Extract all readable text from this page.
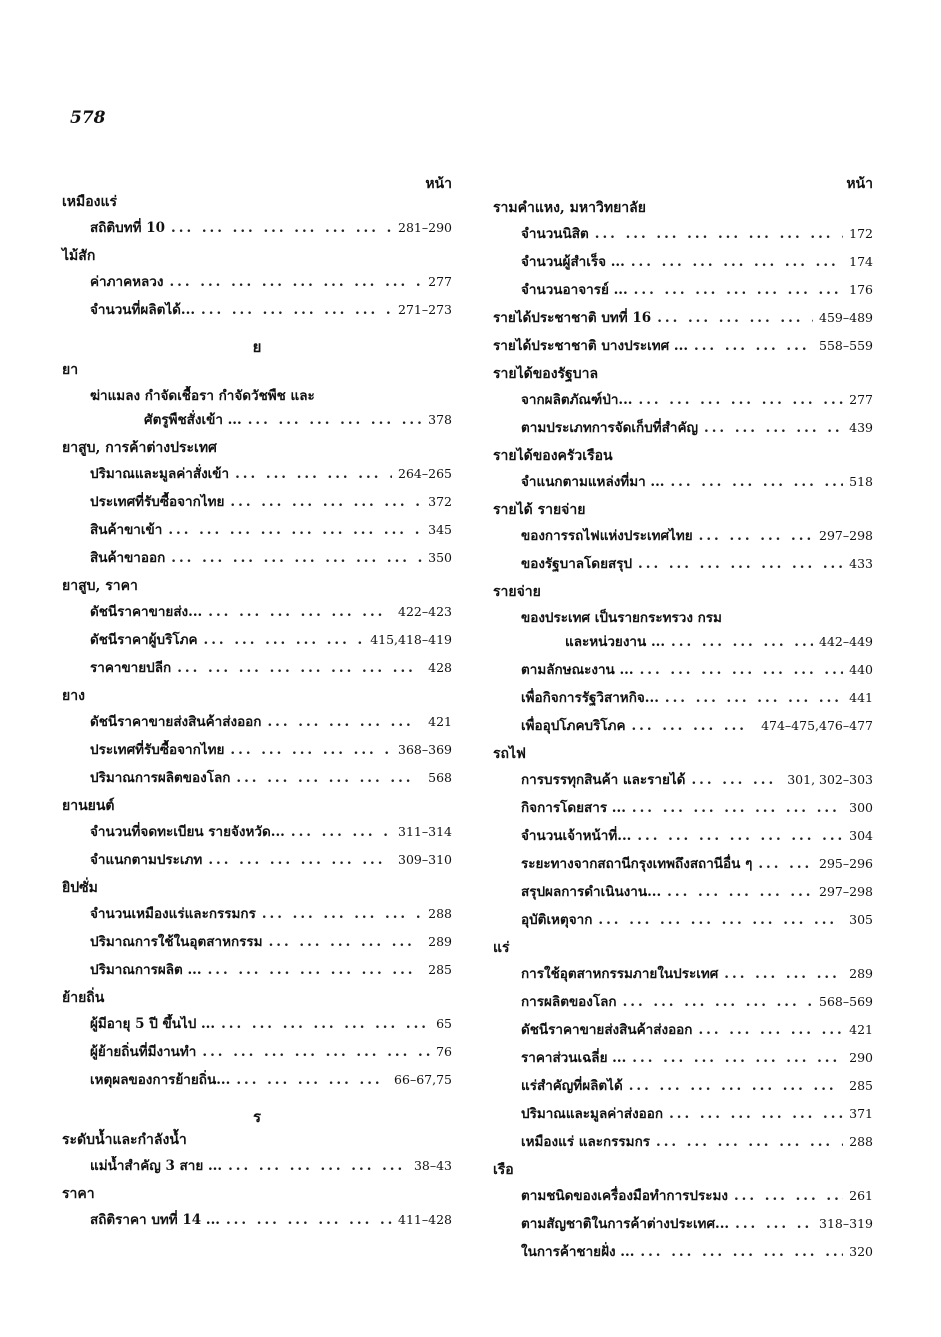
578
หน้า
เหมืองแร่
สถิติบทที่ 10 ... .	281–290
ไม้สัก
ค่าภาคหลวง ... .	277
จำนวนที่ผลิตได้... ... .	271–273
ย
ยา
ฆ่าแมลง กำจัดเชื้อรา กำจัดวัชพืช และ
ศัตรูพืชสั่งเข้า ... ... .	378
ยาสูบ, การค้าต่างประเทศ
ปริมาณและมูลค่าสั่งเข้า ... .	264–265
ประเทศที่รับซื้อจากไทย ... .	372
สินค้าขาเข้า ... .	345
สินค้าขาออก ... .	350
ยาสูบ, ราคา
ดัชนีราคาขายส่ง... ... .	422–423
ดัชนีราคาผู้บริโภค ... .	415,418–419
ราคาขายปลีก ... .	428
ยาง
ดัชนีราคาขายส่งสินค้าส่งออก ... .	421
ประเทศที่รับซื้อจากไทย ... .	368–369
ปริมาณการผลิตของโลก ... .	568
ยานยนต์
จำนวนที่จดทะเบียน รายจังหวัด... ... .	311–314
จำแนกตามประเภท ... .	309–310
ยิปซั่ม
จำนวนเหมืองแร่และกรรมกร ... .	288
ปริมาณการใช้ในอุตสาหกรรม ... .	289
ปริมาณการผลิต ... ... .	285
ย้ายถิ่น
ผู้มีอายุ 5 ปี ขึ้นไป ... ... .	65
ผู้ย้ายถิ่นที่มีงานทำ ... .	76
เหตุผลของการย้ายถิ่น... ... .	66–67,75
ร
ระดับน้ำและกำลังน้ำ
แม่น้ำสำคัญ 3 สาย ... ... .	38–43
ราคา
สถิติราคา บทที่ 14 ... ... .	411–428
หน้า
รามคำแหง, มหาวิทยาลัย
จำนวนนิสิต ... .	172
จำนวนผู้สำเร็จ ... ... .	174
จำนวนอาจารย์ ... ... .	176
รายได้ประชาชาติ บทที่ 16 ... .	459–489
รายได้ประชาชาติ บางประเทศ ... ... .	558–559
รายได้ของรัฐบาล
จากผลิตภัณฑ์ป่า... ... .	277
ตามประเภทการจัดเก็บที่สำคัญ ... .	439
รายได้ของครัวเรือน
จำแนกตามแหล่งที่มา ... ... .	518
รายได้ รายจ่าย
ของการรถไฟแห่งประเทศไทย ... .	297–298
ของรัฐบาลโดยสรุป ... .	433
รายจ่าย
ของประเทศ เป็นรายกระทรวง กรม
และหน่วยงาน ... ... .	442–449
ตามลักษณะงาน ... ... .	440
เพื่อกิจการรัฐวิสาหกิจ... ... .	441
เพื่ออุปโภคบริโภค ... .	474–475,476–477
รถไฟ
การบรรทุกสินค้า และรายได้ ... .	301, 302–303
กิจการโดยสาร ... ... .	300
จำนวนเจ้าหน้าที่... ... .	304
ระยะทางจากสถานีกรุงเทพถึงสถานีอื่น ๆ ... .	295–296
สรุปผลการดำเนินงาน... ... .	297–298
อุบัติเหตุจาก ... .	305
แร่
การใช้อุตสาหกรรมภายในประเทศ ... .	289
การผลิตของโลก ... .	568–569
ดัชนีราคาขายส่งสินค้าส่งออก ... .	421
ราคาส่วนเฉลี่ย ... ... .	290
แร่สำคัญที่ผลิตได้ ... .	285
ปริมาณและมูลค่าส่งออก ... .	371
เหมืองแร่ และกรรมกร ... .	288
เรือ
ตามชนิดของเครื่องมือทำการประมง ... .	261
ตามสัญชาติในการค้าต่างประเทศ... ... .	318–319
ในการค้าชายฝั่ง ... ... .	320
